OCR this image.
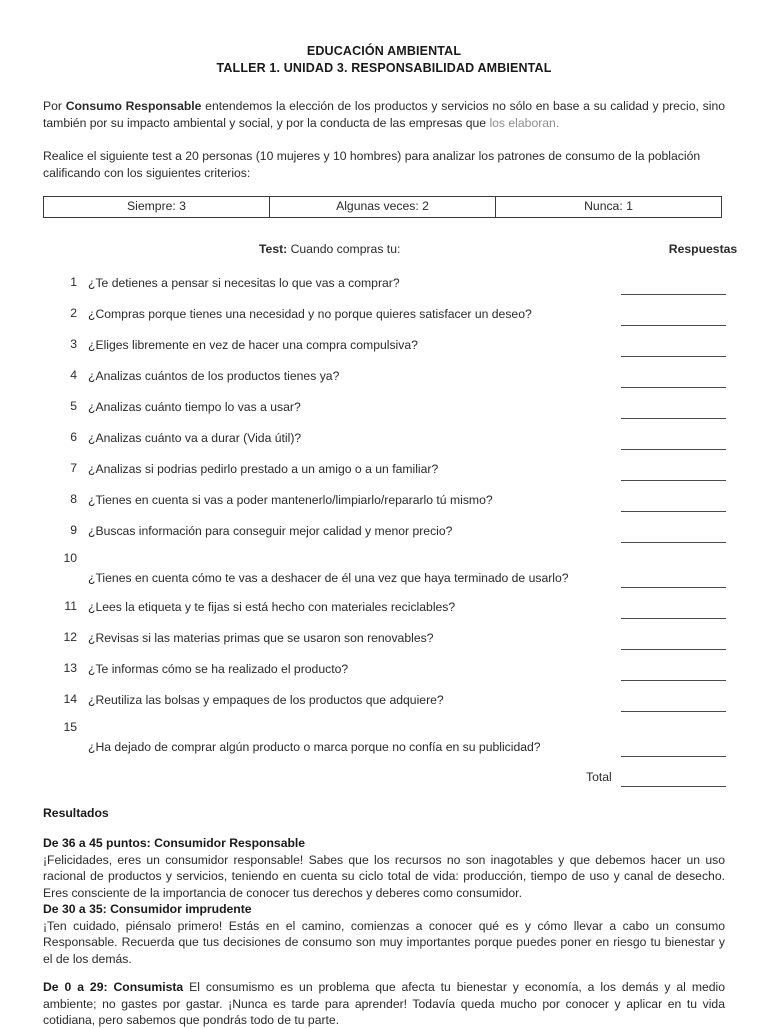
EDUCACIÓN AMBIENTAL
TALLER 1. UNIDAD 3. RESPONSABILIDAD AMBIENTAL

Por Consumo Responsable entendemos la elección de los productos y servicios no sólo en base a su calidad y precio, sino también por su impacto ambiental y social, y por la conducta de las empresas que los elaboran.

Realice el siguiente test a 20 personas (10 mujeres y 10 hombres) para analizar los patrones de consumo de la población calificando con los siguientes criterios:

Siempre: 3	Algunas veces: 2	Nunca: 1
Test: Cuando compras tu:	Respuestas
1 ¿Te detienes a pensar si necesitas lo que vas a comprar?
2 ¿Compras porque tienes una necesidad y no porque quieres satisfacer un deseo?
3 ¿Eliges libremente en vez de hacer una compra compulsiva?
4 ¿Analizas cuántos de los productos tienes ya?
5 ¿Analizas cuánto tiempo lo vas a usar?
6 ¿Analizas cuánto va a durar (Vida útil)?
7 ¿Analizas si podrias pedirlo prestado a un amigo o a un familiar?
8 ¿Tienes en cuenta si vas a poder mantenerlo/limpiarlo/repararlo tú mismo?
9 ¿Buscas información para conseguir mejor calidad y menor precio?
10
¿Tienes en cuenta cómo te vas a deshacer de él una vez que haya terminado de usarlo?
11 ¿Lees la etiqueta y te fijas si está hecho con materiales reciclables?
12 ¿Revisas si las materias primas que se usaron son renovables?
13 ¿Te informas cómo se ha realizado el producto?
14 ¿Reutiliza las bolsas y empaques de los productos que adquiere?
15
¿Ha dejado de comprar algún producto o marca porque no confía en su publicidad?
Total
Resultados
De 36 a 45 puntos: Consumidor Responsable
¡Felicidades, eres un consumidor responsable! Sabes que los recursos no son inagotables y que debemos hacer un uso racional de productos y servicios, teniendo en cuenta su ciclo total de vida: producción, tiempo de uso y canal de desecho. Eres consciente de la importancia de conocer tus derechos y deberes como consumidor.
De 30 a 35: Consumidor imprudente
¡Ten cuidado, piénsalo primero! Estás en el camino, comienzas a conocer qué es y cómo llevar a cabo un consumo Responsable. Recuerda que tus decisiones de consumo son muy importantes porque puedes poner en riesgo tu bienestar y el de los demás.

De 0 a 29: Consumista El consumismo es un problema que afecta tu bienestar y economía, a los demás y al medio ambiente; no gastes por gastar. ¡Nunca es tarde para aprender! Todavía queda mucho por conocer y aplicar en tu vida cotidiana, pero sabemos que pondrás todo de tu parte.
